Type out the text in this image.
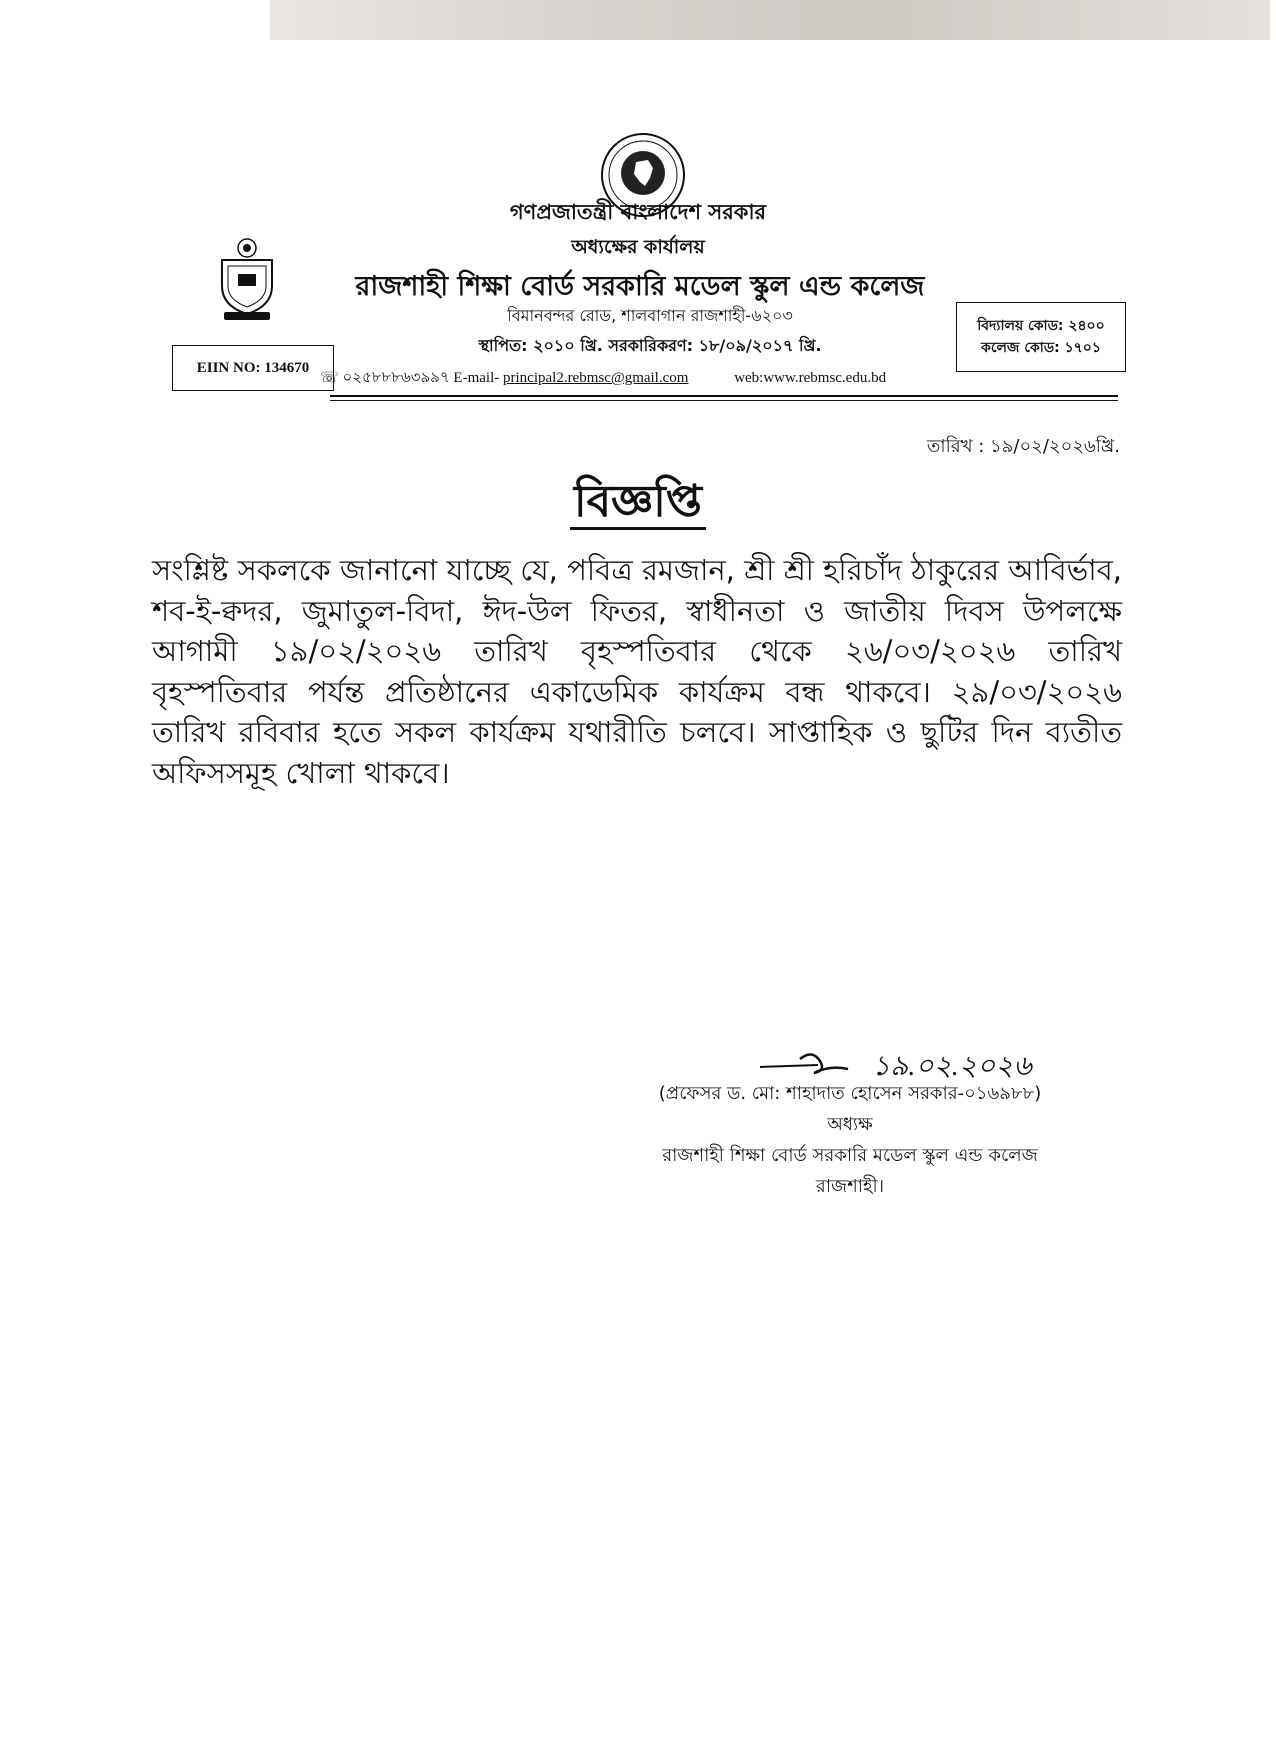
গণপ্রজাতন্ত্রী বাংলাদেশ সরকার
অধ্যক্ষের কার্যালয়
রাজশাহী শিক্ষা বোর্ড সরকারি মডেল স্কুল এন্ড কলেজ
বিমানবন্দর রোড, শালবাগান রাজশাহী-৬২০৩
স্থাপিত: ২০১০ খ্রি. সরকারিকরণ: ১৮/০৯/২০১৭ খ্রি.
EIIN NO: 134670
বিদ্যালয় কোড: ২৪০০
কলেজ কোড: ১৭০১
☏ ০২৫৮৮৮৬৩৯৯৭ E-mail- principal2.rebmsc@gmail.com	web:www.rebmsc.edu.bd
তারিখ : ১৯/০২/২০২৬খ্রি.
বিজ্ঞপ্তি
সংশ্লিষ্ট সকলকে জানানো যাচ্ছে যে, পবিত্র রমজান, শ্রী শ্রী হরিচাঁদ ঠাকুরের আবির্ভাব, শব-ই-ক্বদর, জুমাতুল-বিদা, ঈদ-উল ফিতর, স্বাধীনতা ও জাতীয় দিবস উপলক্ষে আগামী ১৯/০২/২০২৬ তারিখ বৃহস্পতিবার থেকে ২৬/০৩/২০২৬ তারিখ বৃহস্পতিবার পর্যন্ত প্রতিষ্ঠানের একাডেমিক কার্যক্রম বন্ধ থাকবে। ২৯/০৩/২০২৬ তারিখ রবিবার হতে সকল কার্যক্রম যথারীতি চলবে। সাপ্তাহিক ও ছুটির দিন ব্যতীত অফিসসমূহ খোলা থাকবে।
১৯.০২.২০২৬
(প্রফেসর ড. মো: শাহাদাত হোসেন সরকার-০১৬৯৮৮)
অধ্যক্ষ
রাজশাহী শিক্ষা বোর্ড সরকারি মডেল স্কুল এন্ড কলেজ
রাজশাহী।
